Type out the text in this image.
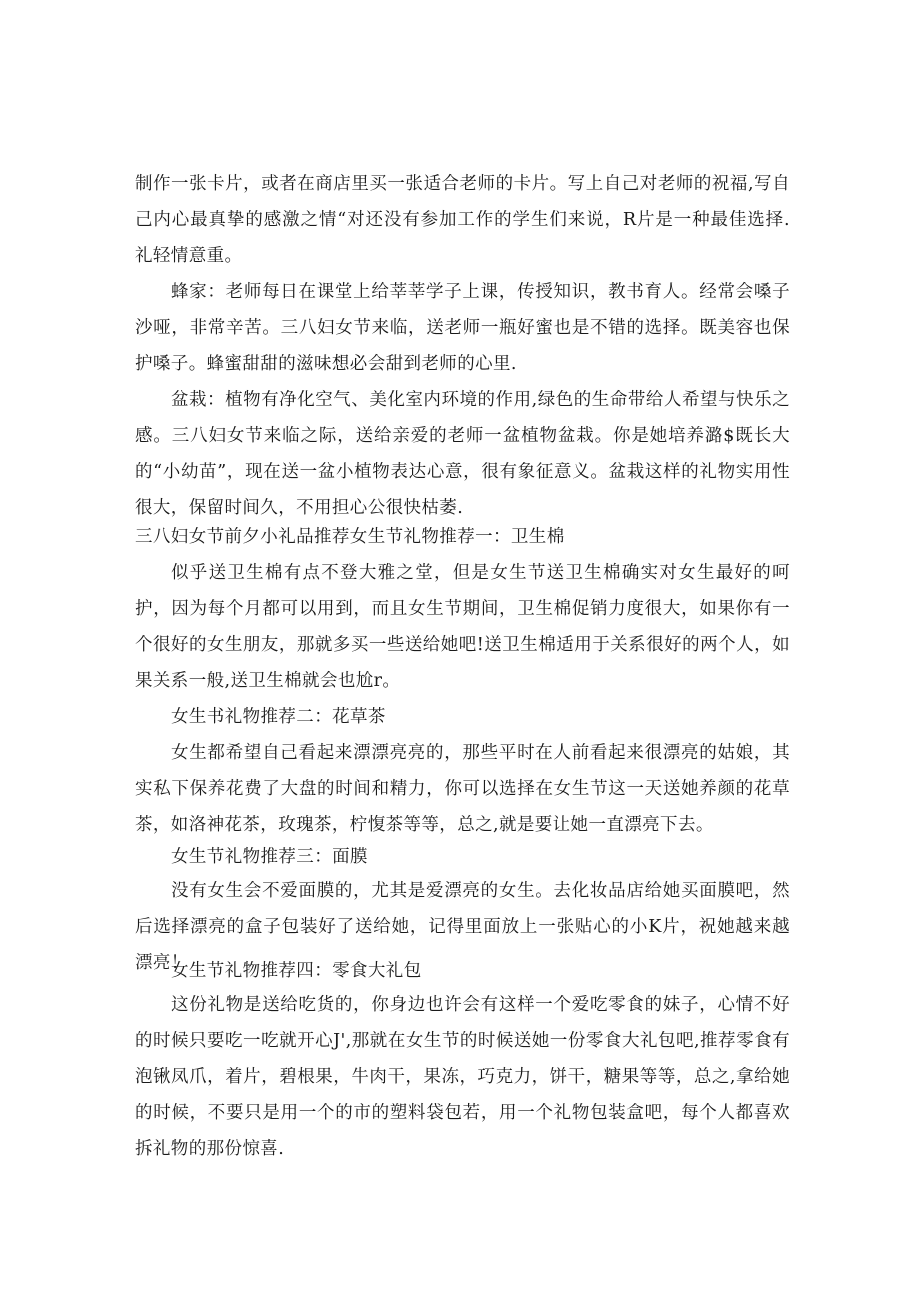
制作一张卡片，或者在商店里买一张适合老师的卡片。写上自己对老师的祝福,写自己内心最真挚的感激之情“对还没有参加工作的学生们来说，R片是一种最佳选择.礼轻情意重。

蜂家：老师每日在课堂上给莘莘学子上课，传授知识，教书育人。经常会嗓子沙哑，非常辛苦。三八妇女节来临，送老师一瓶好蜜也是不错的选择。既美容也保护嗓子。蜂蜜甜甜的滋味想必会甜到老师的心里.

盆栽：植物有净化空气、美化室内环境的作用,绿色的生命带给人希望与快乐之感。三八妇女节来临之际，送给亲爱的老师一盆植物盆栽。你是她培养潞$既长大的“小幼苗”，现在送一盆小植物表达心意，很有象征意义。盆栽这样的礼物实用性很大，保留时间久，不用担心公很快枯萎.

三八妇女节前夕小礼品推荐女生节礼物推荐一：卫生棉

似乎送卫生棉有点不登大雅之堂，但是女生节送卫生棉确实对女生最好的呵护，因为每个月都可以用到，而且女生节期间，卫生棉促销力度很大，如果你有一个很好的女生朋友，那就多买一些送给她吧!送卫生棉适用于关系很好的两个人，如果关系一般,送卫生棉就会也尬r。

女生书礼物推荐二：花草茶

女生都希望自己看起来漂漂亮亮的，那些平时在人前看起来很漂亮的姑娘，其实私下保养花费了大盘的时间和精力，你可以选择在女生节这一天送她养颜的花草茶，如洛神花茶，玫瑰茶，柠愎茶等等，总之,就是要让她一直漂亮下去。

女生节礼物推荐三：面膜

没有女生会不爱面膜的，尤其是爱漂亮的女生。去化妆品店给她买面膜吧，然后选择漂亮的盒子包装好了送给她，记得里面放上一张贴心的小K片，祝她越来越漂亮！

女生节礼物推荐四：零食大礼包

这份礼物是送给吃货的，你身边也许会有这样一个爱吃零食的妹子，心情不好的时候只要吃一吃就开心J',那就在女生节的时候送她一份零食大礼包吧,推荐零食有泡锹凤爪，着片，碧根果，牛肉干，果冻，巧克力，饼干，糖果等等，总之,拿给她的时候，不要只是用一个的市的塑料袋包若，用一个礼物包装盒吧，每个人都喜欢拆礼物的那份惊喜.
